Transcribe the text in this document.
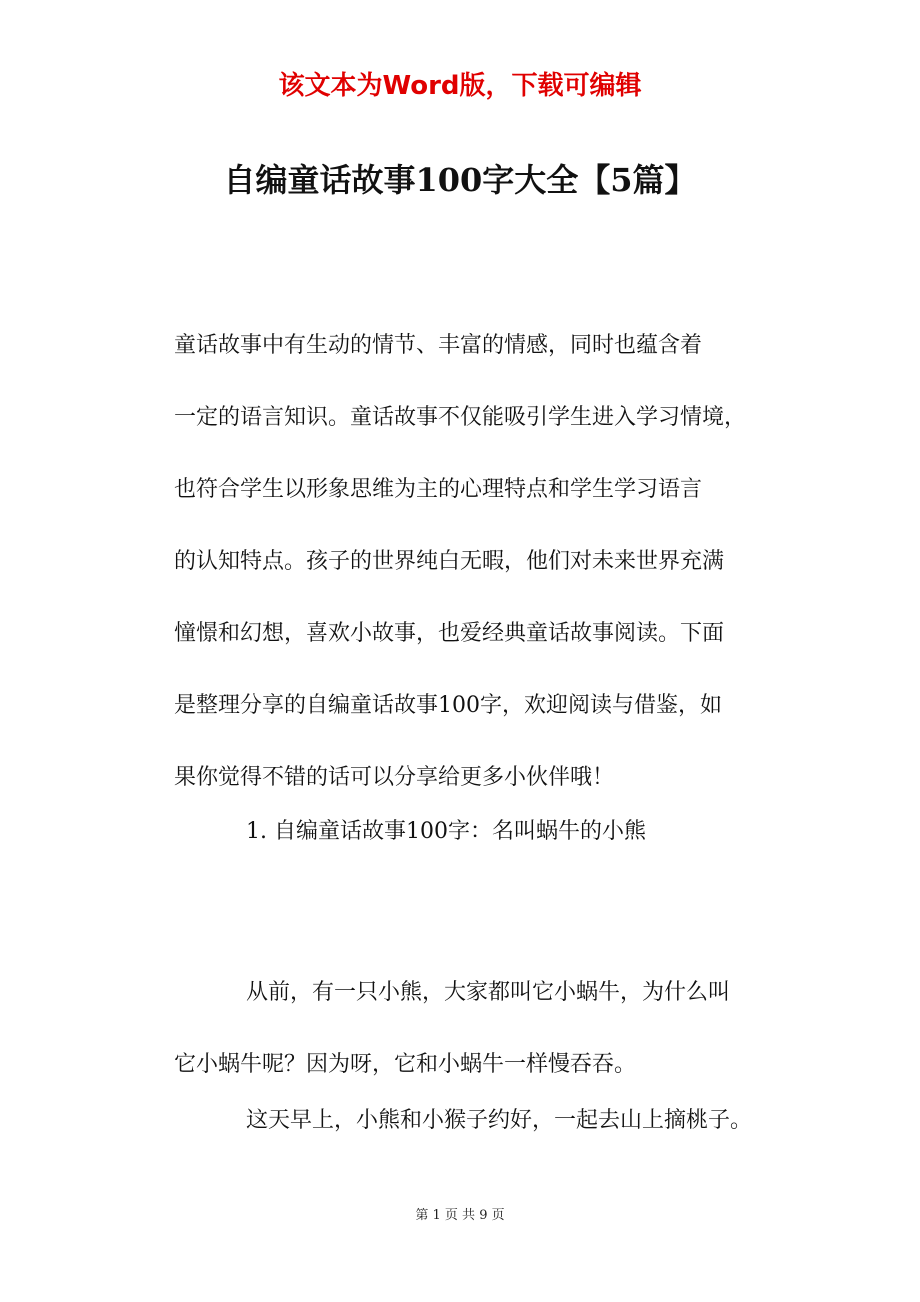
该文本为Word版，下载可编辑
自编童话故事100字大全【5篇】
童话故事中有生动的情节、丰富的情感，同时也蕴含着
一定的语言知识。童话故事不仅能吸引学生进入学习情境，
也符合学生以形象思维为主的心理特点和学生学习语言
的认知特点。孩子的世界纯白无暇，他们对未来世界充满
憧憬和幻想，喜欢小故事，也爱经典童话故事阅读。下面
是整理分享的自编童话故事100字，欢迎阅读与借鉴，如
果你觉得不错的话可以分享给更多小伙伴哦！
1. 自编童话故事100字：名叫蜗牛的小熊
从前，有一只小熊，大家都叫它小蜗牛，为什么叫
它小蜗牛呢？因为呀，它和小蜗牛一样慢吞吞。
这天早上，小熊和小猴子约好，一起去山上摘桃子。
第 1 页 共 9 页
